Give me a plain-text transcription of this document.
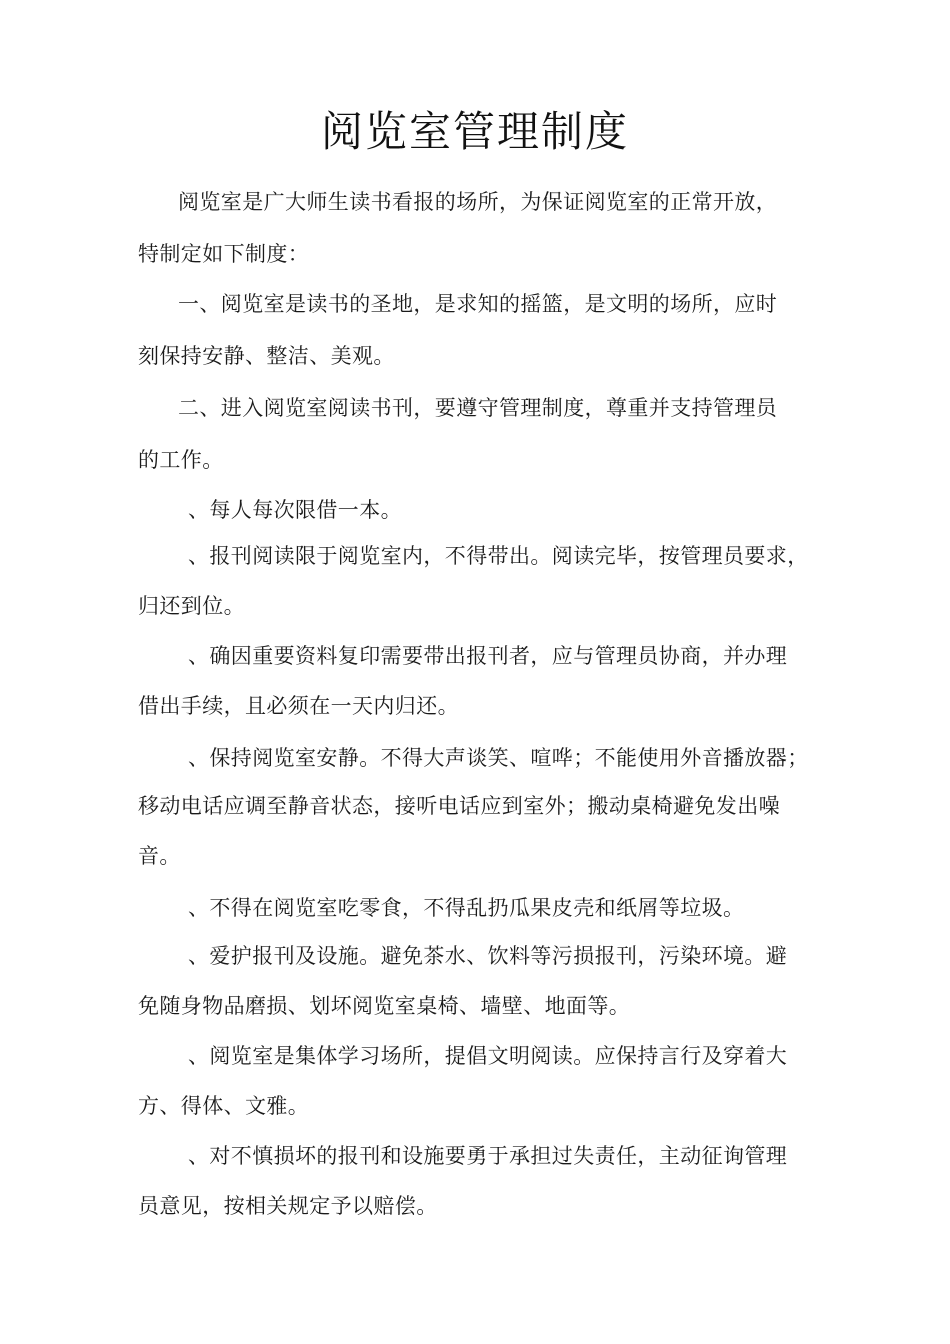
阅览室管理制度

阅览室是广大师生读书看报的场所，为保证阅览室的正常开放，

特制定如下制度：

一、阅览室是读书的圣地，是求知的摇篮，是文明的场所，应时

刻保持安静、整洁、美观。

二、进入阅览室阅读书刊，要遵守管理制度，尊重并支持管理员

的工作。

、每人每次限借一本。

、报刊阅读限于阅览室内，不得带出。阅读完毕，按管理员要求，

归还到位。

、确因重要资料复印需要带出报刊者，应与管理员协商，并办理

借出手续，且必须在一天内归还。

、保持阅览室安静。不得大声谈笑、喧哗；不能使用外音播放器；

移动电话应调至静音状态，接听电话应到室外；搬动桌椅避免发出噪

音。

、不得在阅览室吃零食，不得乱扔瓜果皮壳和纸屑等垃圾。

、爱护报刊及设施。避免茶水、饮料等污损报刊，污染环境。避

免随身物品磨损、划坏阅览室桌椅、墙壁、地面等。

、阅览室是集体学习场所，提倡文明阅读。应保持言行及穿着大

方、得体、文雅。

、对不慎损坏的报刊和设施要勇于承担过失责任，主动征询管理

员意见，按相关规定予以赔偿。
